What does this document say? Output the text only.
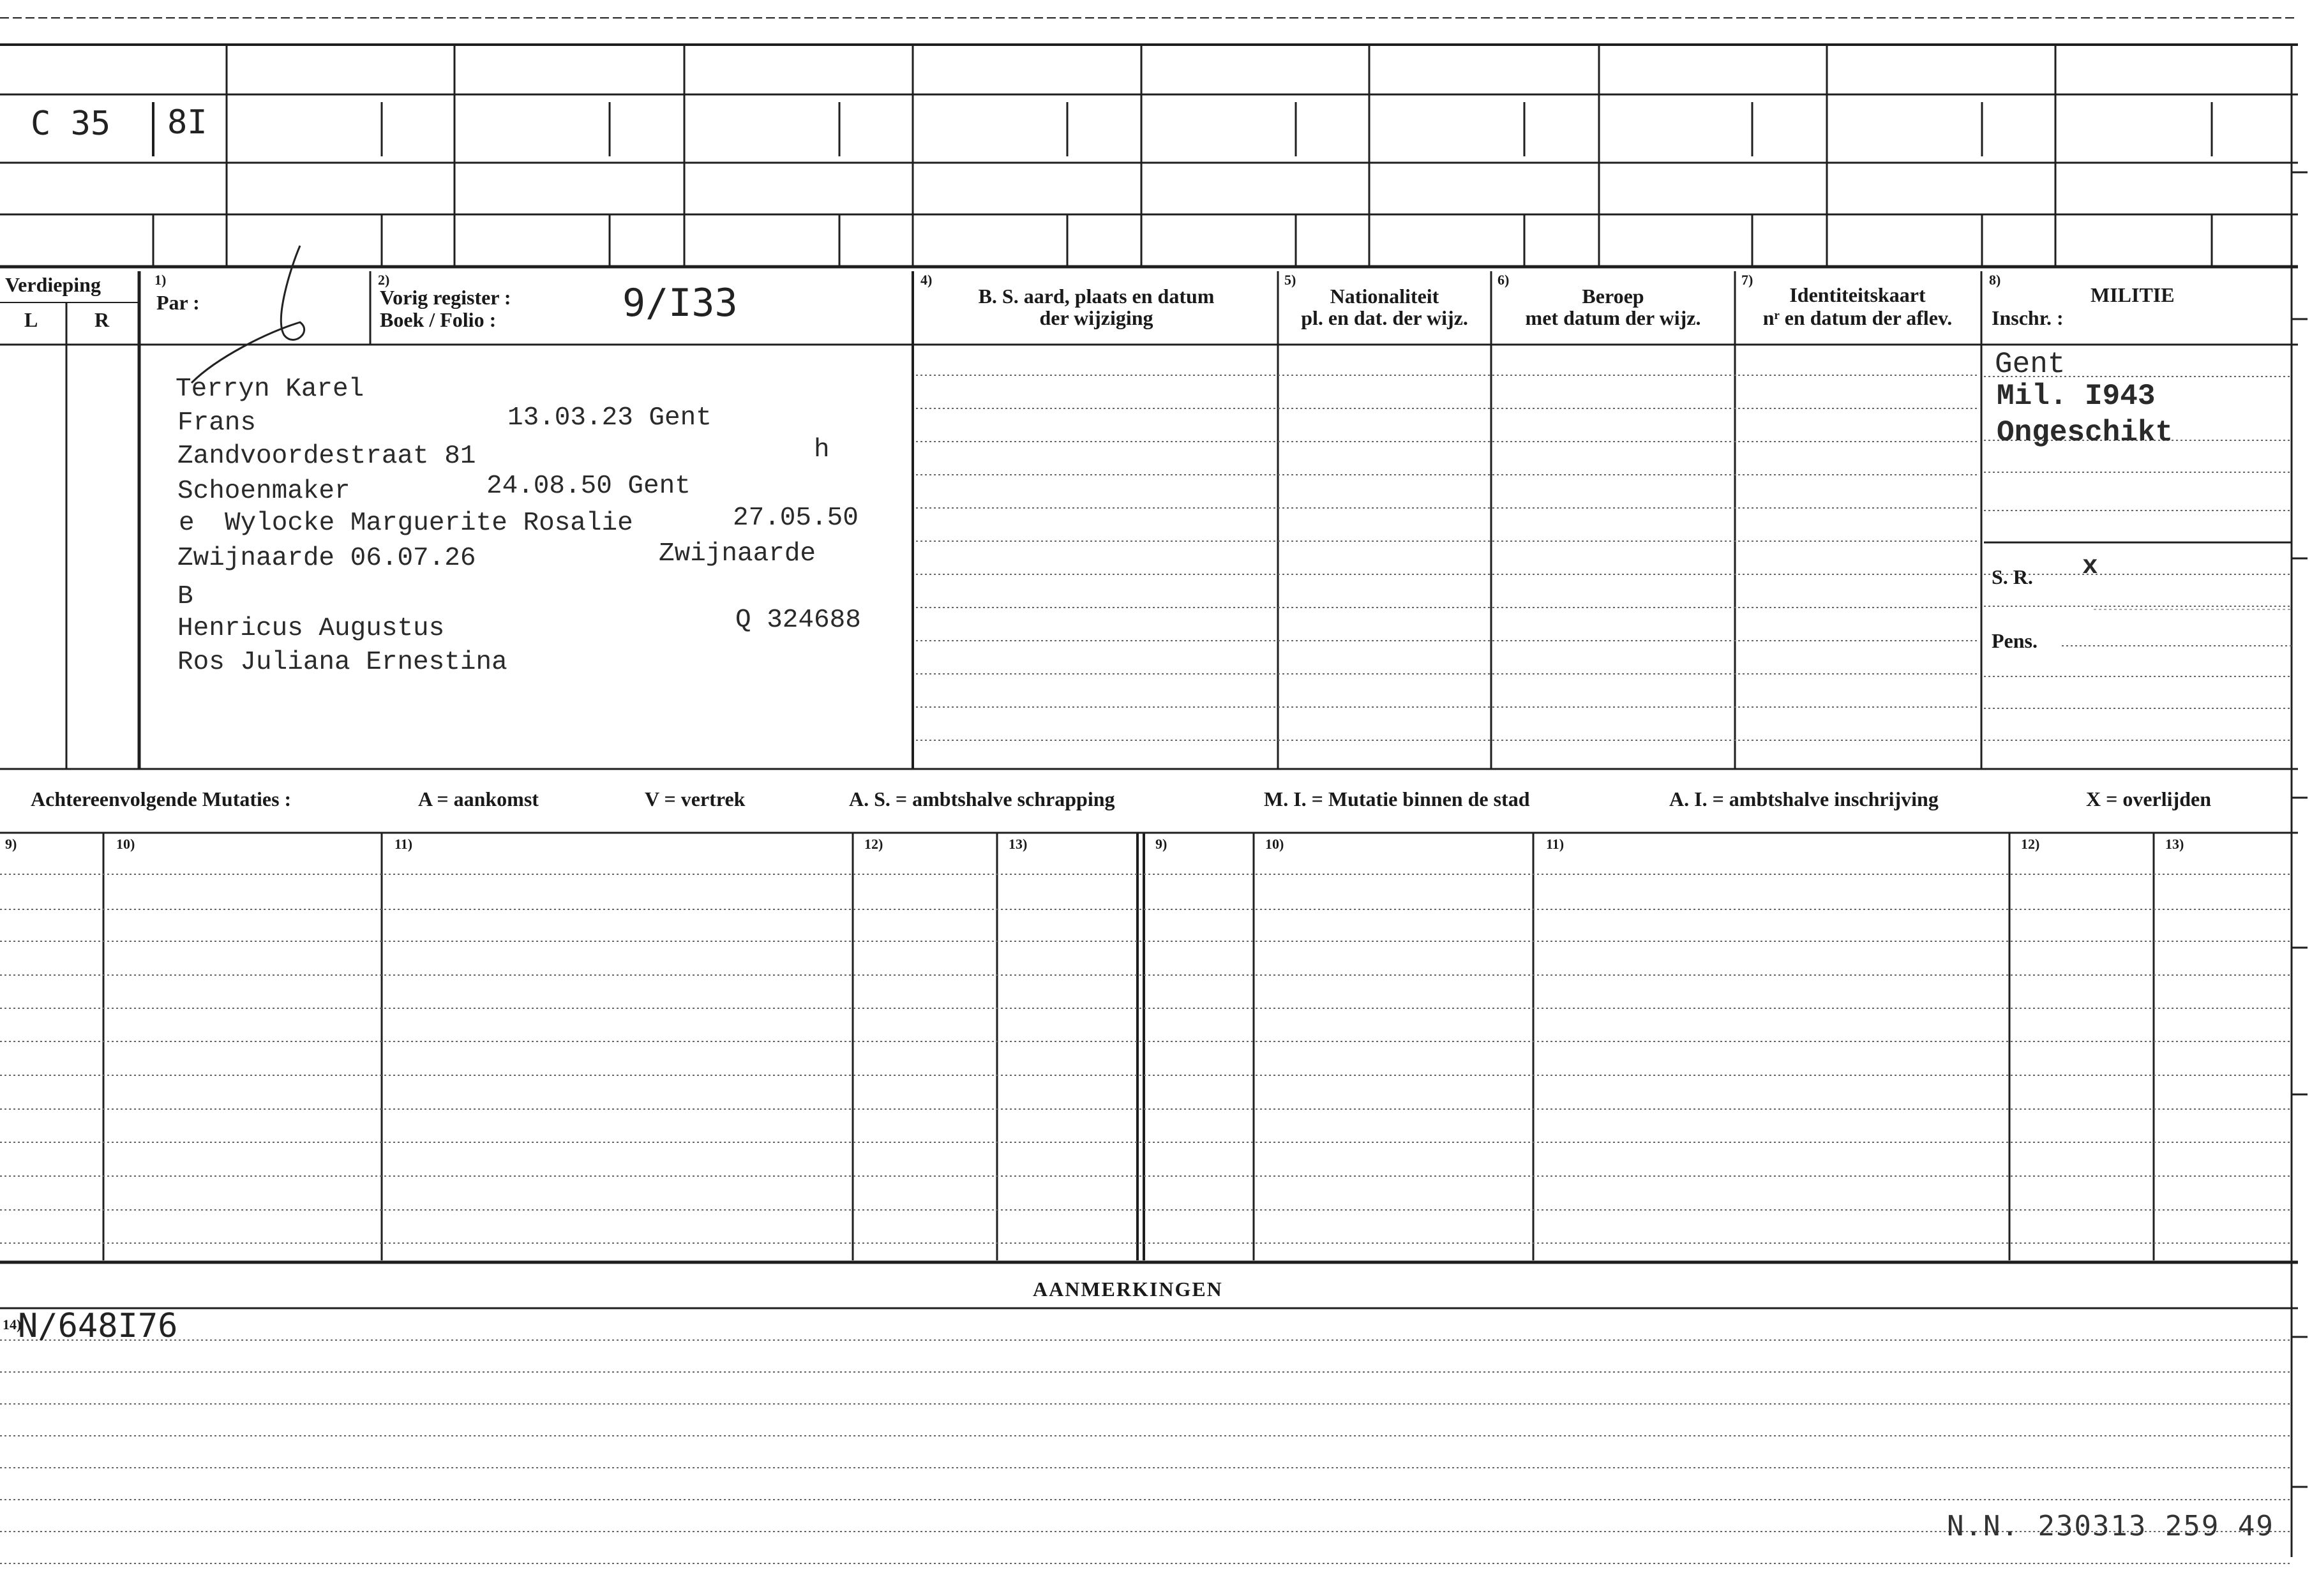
C 35 8I
Verdieping
L	R
1)
Par :
2)
Vorig register :
Boek / Folio :	9/I33
4)
B. S. aard, plaats en datum
der wijziging
5)
Nationaliteit
pl. en dat. der wijz.
6)
Beroep
met datum der wijz.
7)
Identiteitskaart
nʳ en datum der aflev.
8)
MILITIE
Inschr. :
Terryn Karel
Frans	13.03.23 Gent
Zandvoordestraat 81	h
Schoenmaker	24.08.50 Gent
e Wylocke Marguerite Rosalie	27.05.50
Zwijnaarde 06.07.26	Zwijnaarde
B
Henricus Augustus	Q 324688
Ros Juliana Ernestina
Gent
Mil. I943
Ongeschikt
S. R. x
Pens.
Achtereenvolgende Mutaties :	A = aankomst	V = vertrek	A. S. = ambtshalve schrapping	M. I. = Mutatie binnen de stad	A. I. = ambtshalve inschrijving	X = overlijden
9)	10)	11)	12)	13)	9)	10)	11)	12)	13)
AANMERKINGEN
14)
N/648I76
N.N. 230313 259 49
